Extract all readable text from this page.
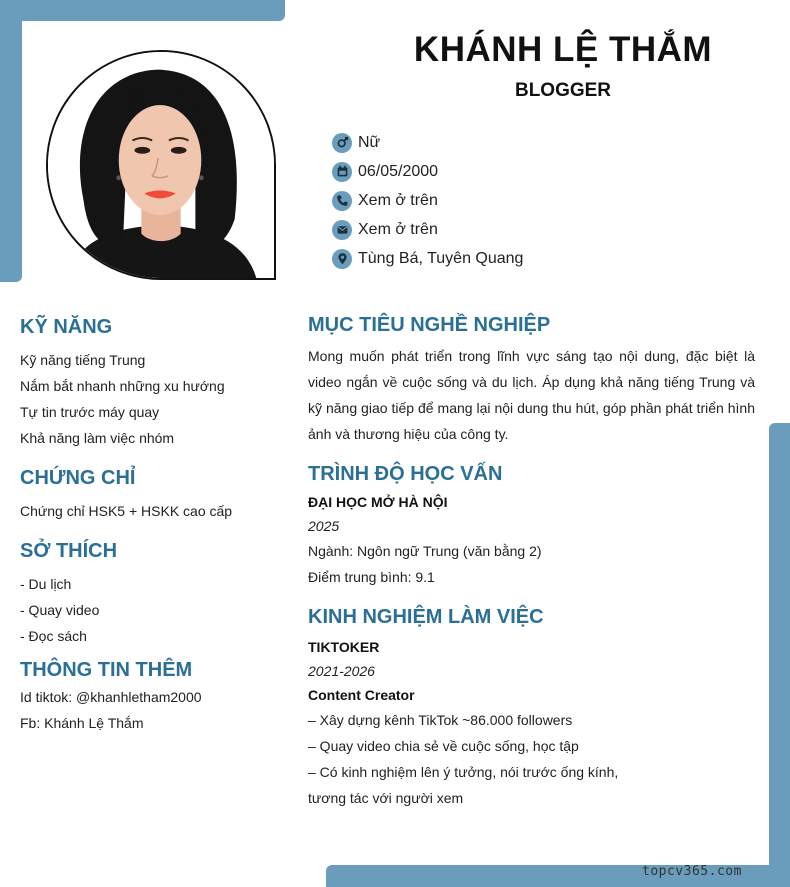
KHÁNH LỆ THẮM
BLOGGER
Nữ
06/05/2000
Xem ở trên
Xem ở trên
Tùng Bá, Tuyên Quang
KỸ NĂNG
Kỹ năng tiếng Trung
Nắm bắt nhanh những xu hướng
Tự tin trước máy quay
Khả năng làm việc nhóm
CHỨNG CHỈ
Chứng chỉ HSK5 + HSKK cao cấp
SỞ THÍCH
- Du lịch
- Quay video
- Đọc sách
THÔNG TIN THÊM
Id tiktok: @khanhletham2000
Fb: Khánh Lệ Thắm
MỤC TIÊU NGHỀ NGHIỆP
Mong muốn phát triển trong lĩnh vực sáng tạo nội dung, đặc biệt là video ngắn về cuộc sống và du lịch. Áp dụng khả năng tiếng Trung và kỹ năng giao tiếp để mang lại nội dung thu hút, góp phần phát triển hình ảnh và thương hiệu của công ty.
TRÌNH ĐỘ HỌC VẤN
ĐẠI HỌC MỞ HÀ NỘI
2025
Ngành: Ngôn ngữ Trung (văn bằng 2)
Điểm trung bình: 9.1
KINH NGHIỆM LÀM VIỆC
TIKTOKER
2021-2026
Content Creator
– Xây dựng kênh TikTok ~86.000 followers
– Quay video chia sẻ về cuộc sống, học tập
– Có kinh nghiệm lên ý tưởng, nói trước ống kính,
tương tác với người xem
topcv365.com
